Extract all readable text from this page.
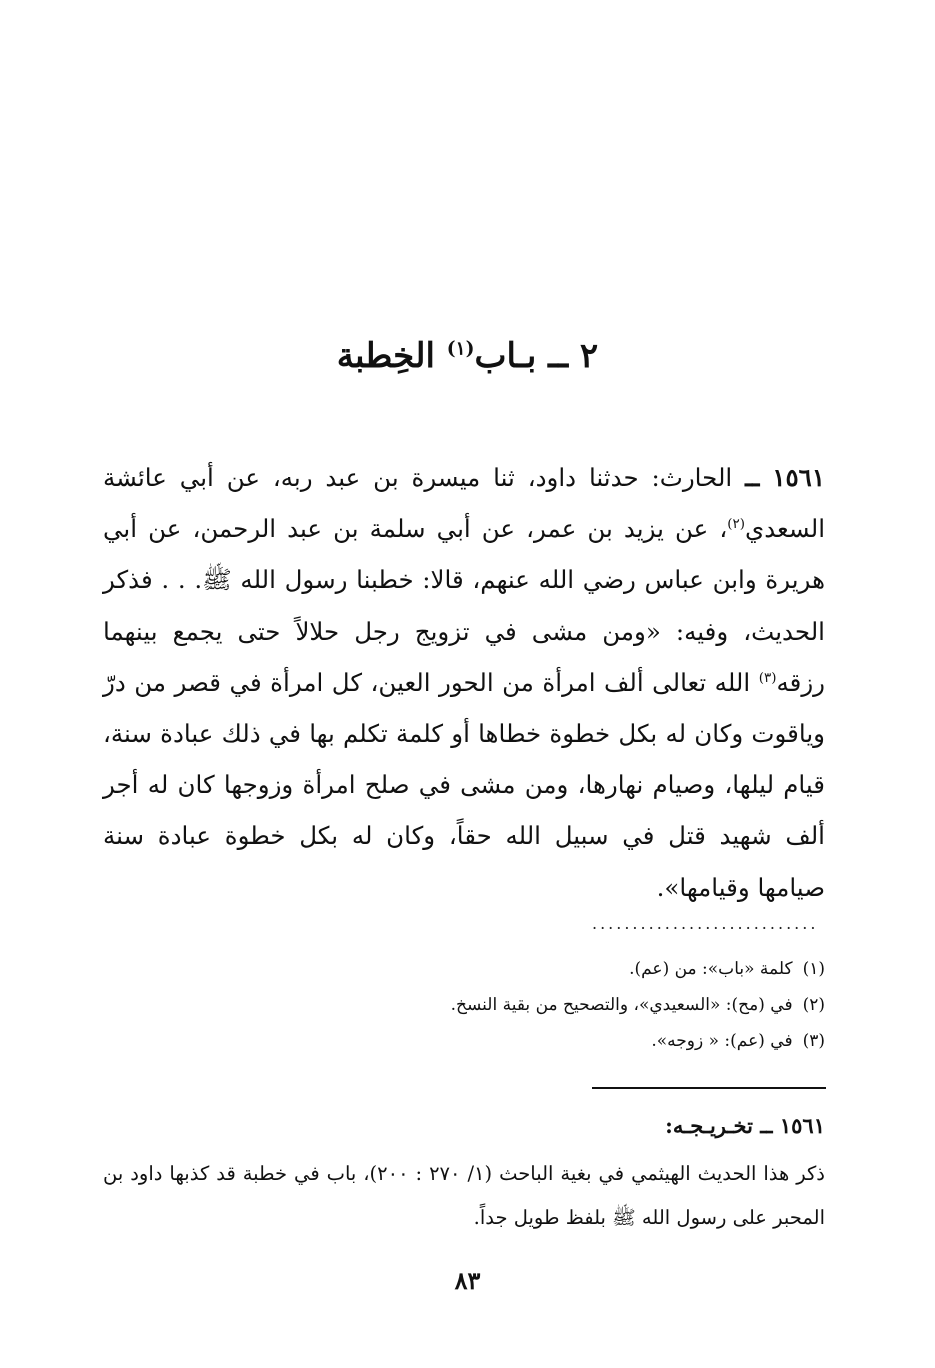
٢ ــ بـاب$^{(١)}$ الخِطبة
١٥٦١ ــ الحارث: حدثنا داود، ثنا ميسرة بن عبد ربه، عن أبي عائشة السعدي$^{(٢)}$، عن يزيد بن عمر، عن أبي سلمة بن عبد الرحمن، عن أبي هريرة وابن عباس رضي الله عنهم، قالا: خطبنا رسول الله ﷺ. . . فذكر الحديث، وفيه: «ومن مشى في تزويج رجل حلالاً حتى يجمع بينهما رزقه$^{(٣)}$ الله تعالى ألف امرأة من الحور العين، كل امرأة في قصر من درّ وياقوت وكان له بكل خطوة خطاها أو كلمة تكلم بها في ذلك عبادة سنة، قيام ليلها، وصيام نهارها، ومن مشى في صلح امرأة وزوجها كان له أجر ألف شهيد قتل في سبيل الله حقاً، وكان له بكل خطوة عبادة سنة صيامها وقيامها».
............................
(١)كلمة «باب»: من (عم).
(٢)في (مح): «السعيدي»، والتصحيح من بقية النسخ.
(٣)في (عم): « زوجه».
١٥٦١ ــ تخـريـجـه:
ذكر هذا الحديث الهيثمي في بغية الباحث (١/ ٢٧٠ : ٢٠٠)، باب في خطبة قد كذبها داود بن المحبر على رسول الله ﷺ بلفظ طويل جداً.
٨٣
